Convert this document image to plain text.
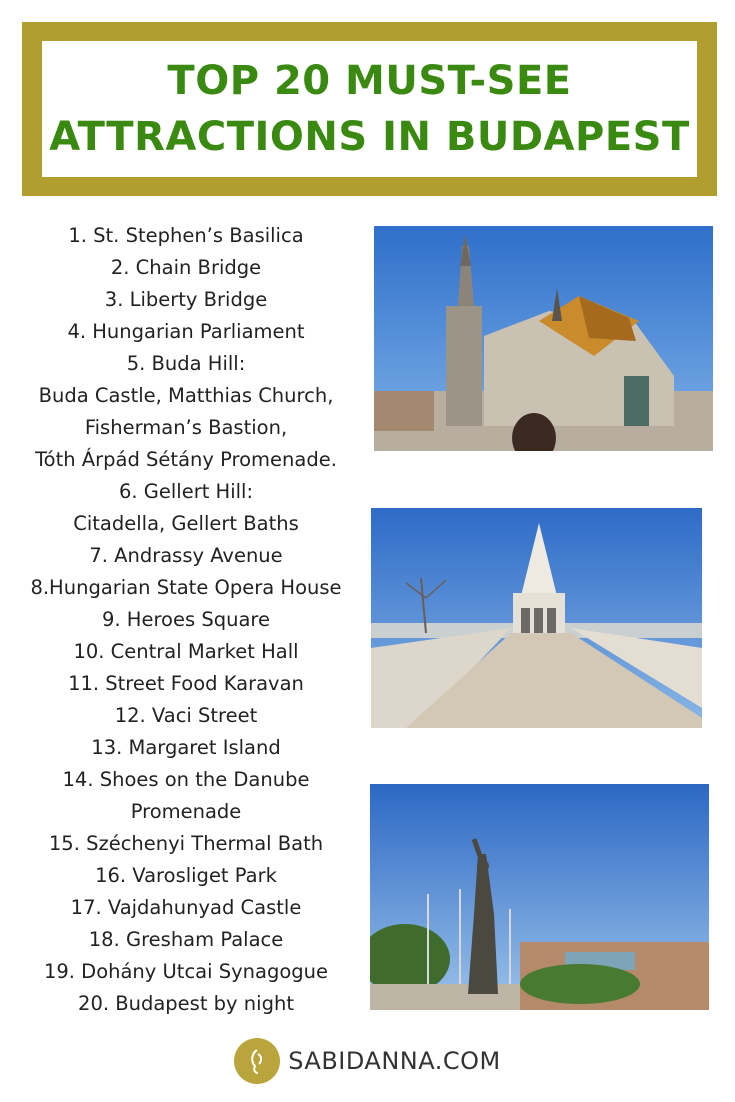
TOP 20 MUST-SEE
ATTRACTIONS IN BUDAPEST
1. St. Stephen’s Basilica
2. Chain Bridge
3. Liberty Bridge
4. Hungarian Parliament
5. Buda Hill:
Buda Castle, Matthias Church,
Fisherman’s Bastion,
Tóth Árpád Sétány Promenade.
6. Gellert Hill:
Citadella, Gellert Baths
7. Andrassy Avenue
8.Hungarian State Opera House
9. Heroes Square
10. Central Market Hall
11. Street Food Karavan
12. Vaci Street
13. Margaret Island
14. Shoes on the Danube
Promenade
15. Széchenyi Thermal Bath
16. Varosliget Park
17. Vajdahunyad Castle
18. Gresham Palace
19. Dohány Utcai Synagogue
20. Budapest by night
SABIDANNA.COM
